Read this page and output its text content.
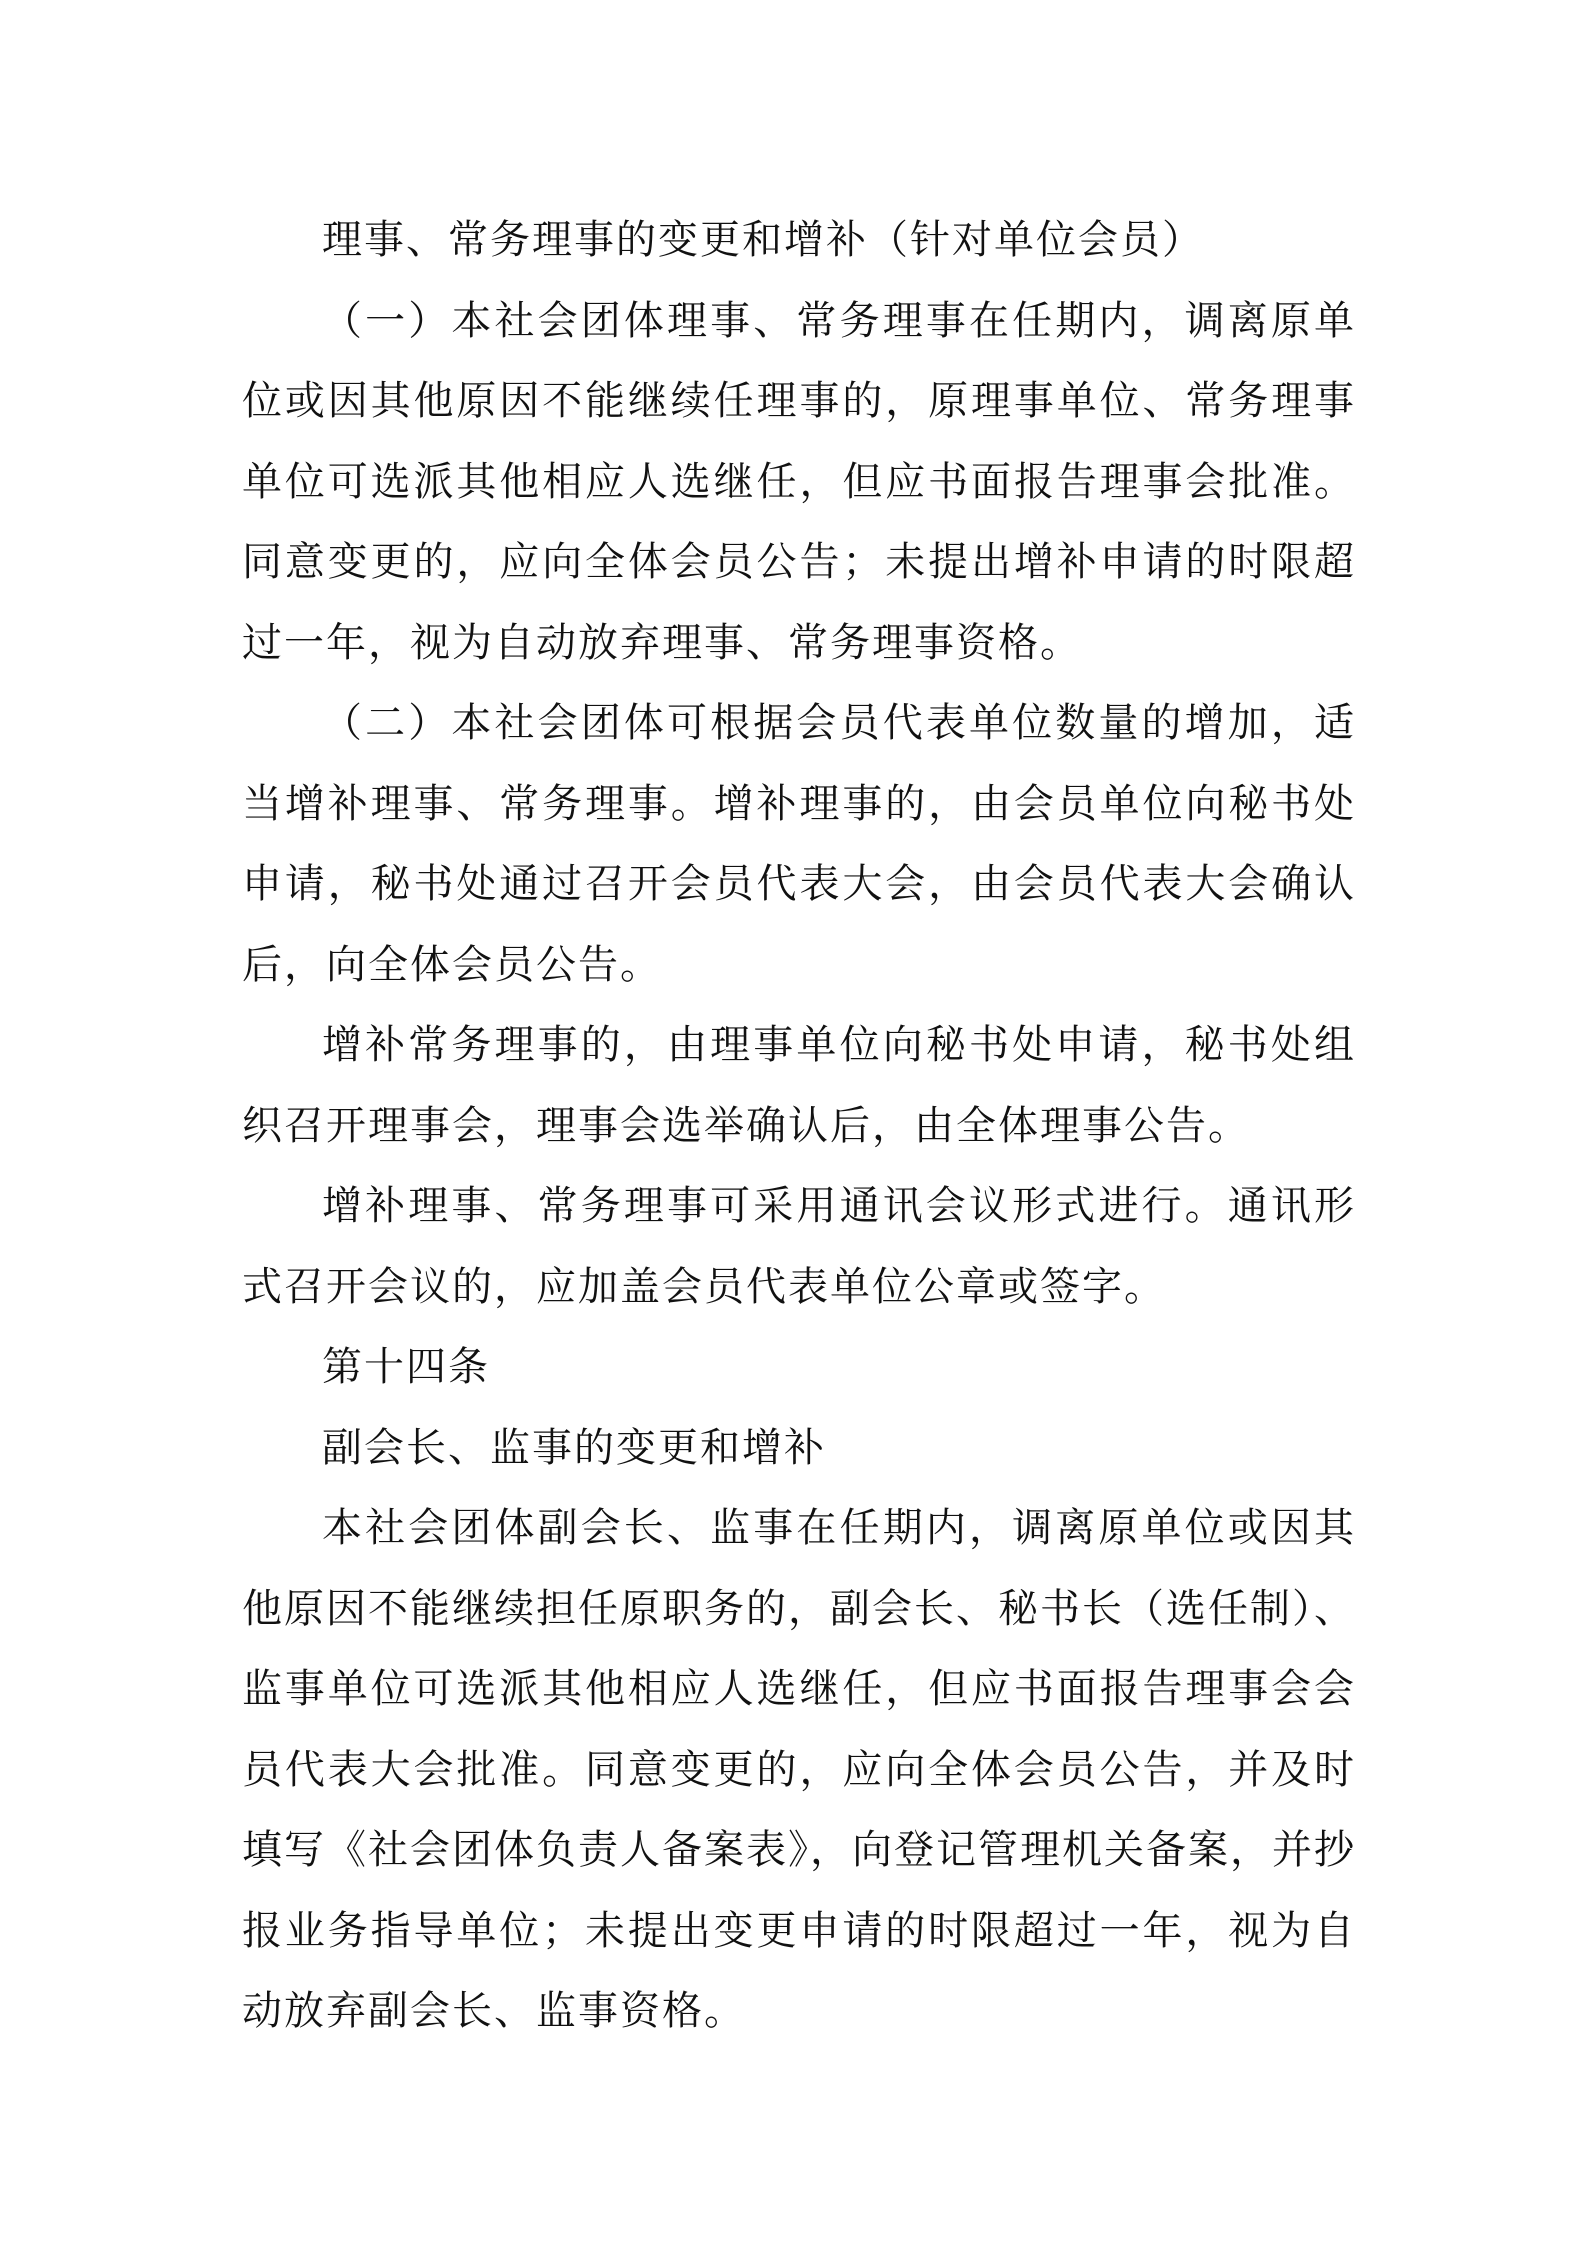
理事、常务理事的变更和增补（针对单位会员）

（一）本社会团体理事、常务理事在任期内，调离原单位或因其他原因不能继续任理事的，原理事单位、常务理事单位可选派其他相应人选继任，但应书面报告理事会批准。同意变更的，应向全体会员公告；未提出增补申请的时限超过一年，视为自动放弃理事、常务理事资格。

（二）本社会团体可根据会员代表单位数量的增加，适当增补理事、常务理事。增补理事的，由会员单位向秘书处申请，秘书处通过召开会员代表大会，由会员代表大会确认后，向全体会员公告。

增补常务理事的，由理事单位向秘书处申请，秘书处组织召开理事会，理事会选举确认后，由全体理事公告。

增补理事、常务理事可采用通讯会议形式进行。通讯形式召开会议的，应加盖会员代表单位公章或签字。

第十四条

副会长、监事的变更和增补

本社会团体副会长、监事在任期内，调离原单位或因其他原因不能继续担任原职务的，副会长、秘书长（选任制）、监事单位可选派其他相应人选继任，但应书面报告理事会会员代表大会批准。同意变更的，应向全体会员公告，并及时填写《社会团体负责人备案表》，向登记管理机关备案，并抄报业务指导单位；未提出变更申请的时限超过一年，视为自动放弃副会长、监事资格。
